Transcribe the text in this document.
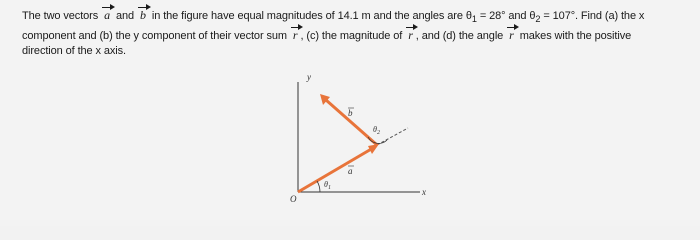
The two vectors a and b in the figure have equal magnitudes of 14.1 m and the angles are $\theta_1 = 28^\circ$ and $\theta_2 = 107^\circ$. Find (a) the x
component and (b) the y component of their vector sum r , (c) the magnitude of r , and (d) the angle r makes with the positive
direction of the x axis.
y
x
O
a
b
$\theta_1$
$\theta_2$
